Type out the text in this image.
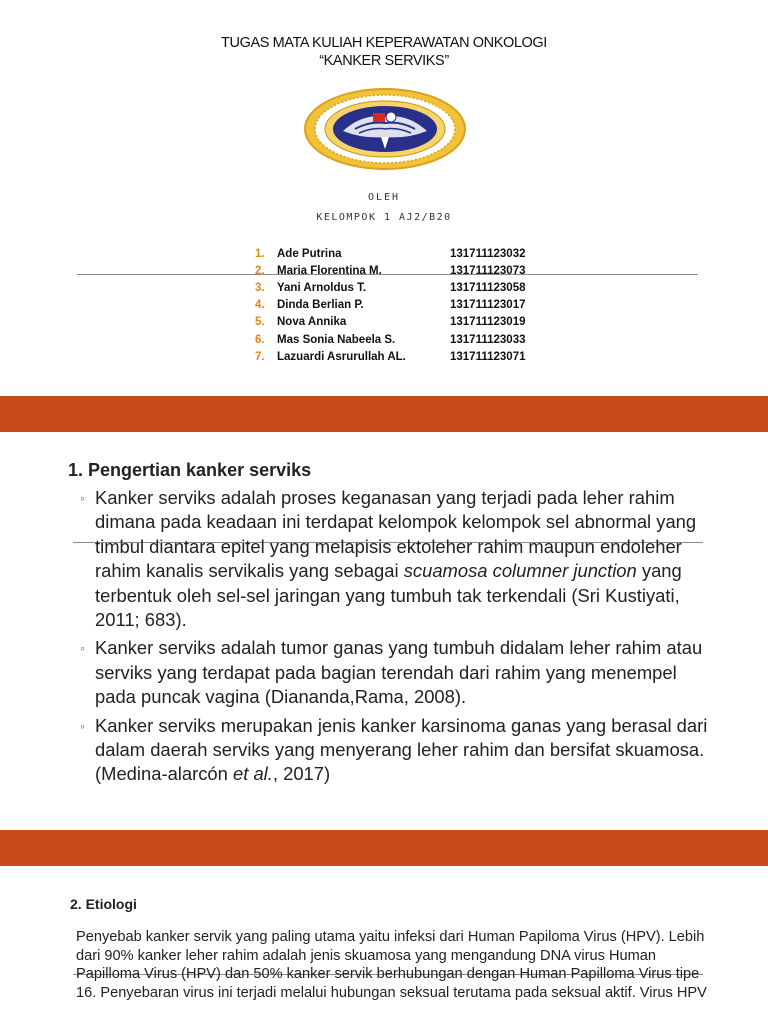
TUGAS MATA KULIAH KEPERAWATAN ONKOLOGI
“KANKER SERVIKS”
OLEH
KELOMPOK 1 AJ2/B20
1.	Ade Putrina	131711123032
2.	Maria Florentina M.	131711123073
3.	Yani Arnoldus T.	131711123058
4.	Dinda Berlian P.	131711123017
5.	Nova Annika	131711123019
6.	Mas Sonia Nabeela S.	131711123033
7.	Lazuardi Asrurullah AL.	131711123071
1. Pengertian kanker serviks
◦ Kanker serviks adalah proses keganasan yang terjadi pada leher rahim dimana pada keadaan ini terdapat kelompok kelompok sel abnormal yang timbul diantara epitel yang melapisis ektoleher rahim maupun endoleher rahim kanalis servikalis yang sebagai scuamosa columner junction yang terbentuk oleh sel-sel jaringan yang tumbuh tak terkendali (Sri Kustiyati, 2011; 683).
◦ Kanker serviks adalah tumor ganas yang tumbuh didalam leher rahim atau serviks yang terdapat pada bagian terendah dari rahim yang menempel pada puncak vagina (Diananda,Rama, 2008).
◦ Kanker serviks merupakan jenis kanker karsinoma ganas yang berasal dari dalam daerah serviks yang menyerang leher rahim dan bersifat skuamosa. (Medina-alarcón et al., 2017)
2. Etiologi
Penyebab kanker servik yang paling utama yaitu infeksi dari Human Papiloma Virus (HPV). Lebih dari 90% kanker leher rahim adalah jenis skuamosa yang mengandung DNA virus Human Papilloma Virus (HPV) dan 50% kanker servik berhubungan dengan Human Papilloma Virus tipe 16. Penyebaran virus ini terjadi melalui hubungan seksual terutama pada seksual aktif. Virus HPV
